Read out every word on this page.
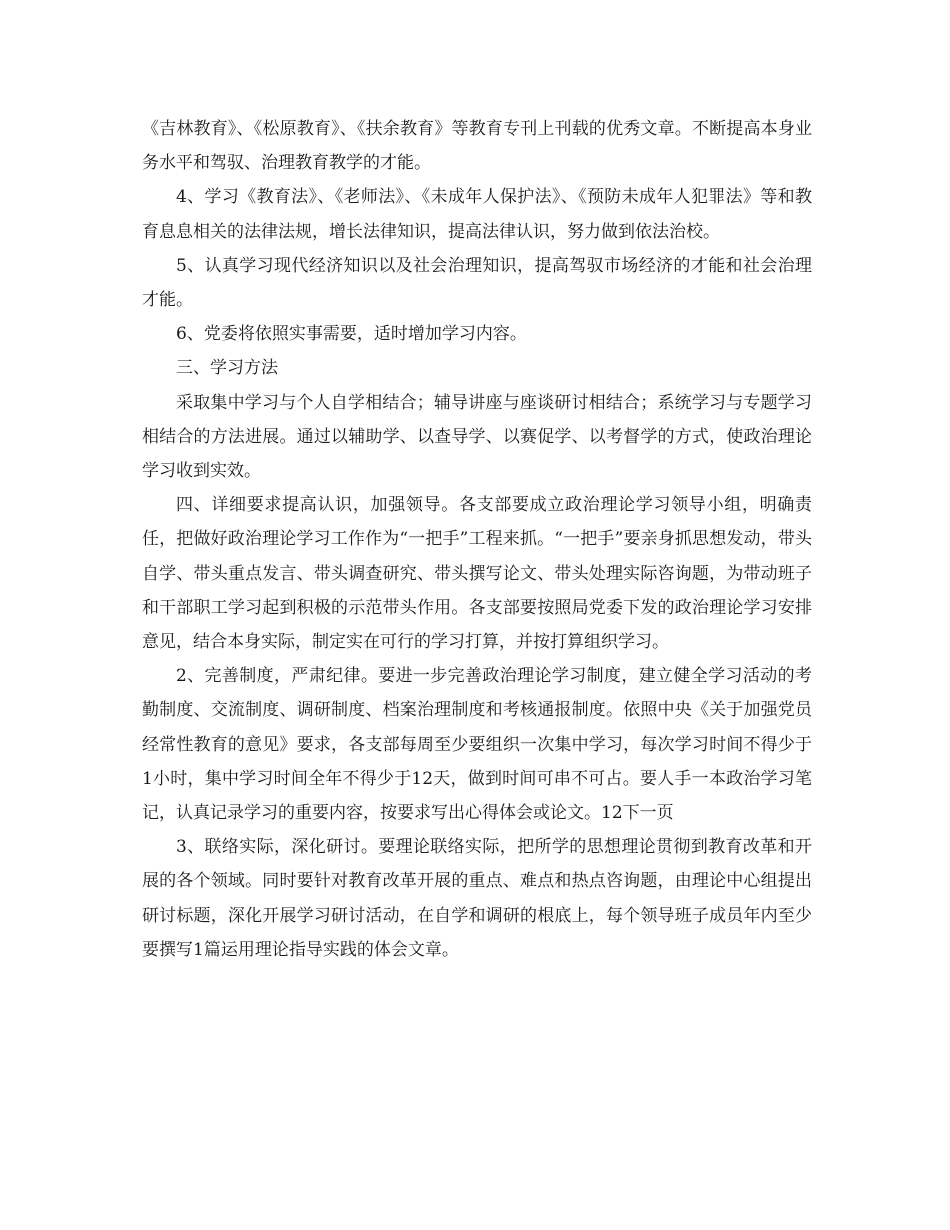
《吉林教育》、《松原教育》、《扶余教育》等教育专刊上刊载的优秀文章。不断提高本身业务水平和驾驭、治理教育教学的才能。

4、学习《教育法》、《老师法》、《未成年人保护法》、《预防未成年人犯罪法》等和教育息息相关的法律法规，增长法律知识，提高法律认识，努力做到依法治校。

5、认真学习现代经济知识以及社会治理知识，提高驾驭市场经济的才能和社会治理才能。

6、党委将依照实事需要，适时增加学习内容。

三、学习方法

采取集中学习与个人自学相结合；辅导讲座与座谈研讨相结合；系统学习与专题学习相结合的方法进展。通过以辅助学、以查导学、以赛促学、以考督学的方式，使政治理论学习收到实效。

四、详细要求提高认识，加强领导。各支部要成立政治理论学习领导小组，明确责任，把做好政治理论学习工作作为“一把手”工程来抓。“一把手”要亲身抓思想发动，带头自学、带头重点发言、带头调查研究、带头撰写论文、带头处理实际咨询题，为带动班子和干部职工学习起到积极的示范带头作用。各支部要按照局党委下发的政治理论学习安排意见，结合本身实际，制定实在可行的学习打算，并按打算组织学习。

2、完善制度，严肃纪律。要进一步完善政治理论学习制度，建立健全学习活动的考勤制度、交流制度、调研制度、档案治理制度和考核通报制度。依照中央《关于加强党员经常性教育的意见》要求，各支部每周至少要组织一次集中学习，每次学习时间不得少于1小时，集中学习时间全年不得少于12天，做到时间可串不可占。要人手一本政治学习笔记，认真记录学习的重要内容，按要求写出心得体会或论文。12下一页

3、联络实际，深化研讨。要理论联络实际，把所学的思想理论贯彻到教育改革和开展的各个领域。同时要针对教育改革开展的重点、难点和热点咨询题，由理论中心组提出研讨标题，深化开展学习研讨活动，在自学和调研的根底上，每个领导班子成员年内至少要撰写1篇运用理论指导实践的体会文章。
